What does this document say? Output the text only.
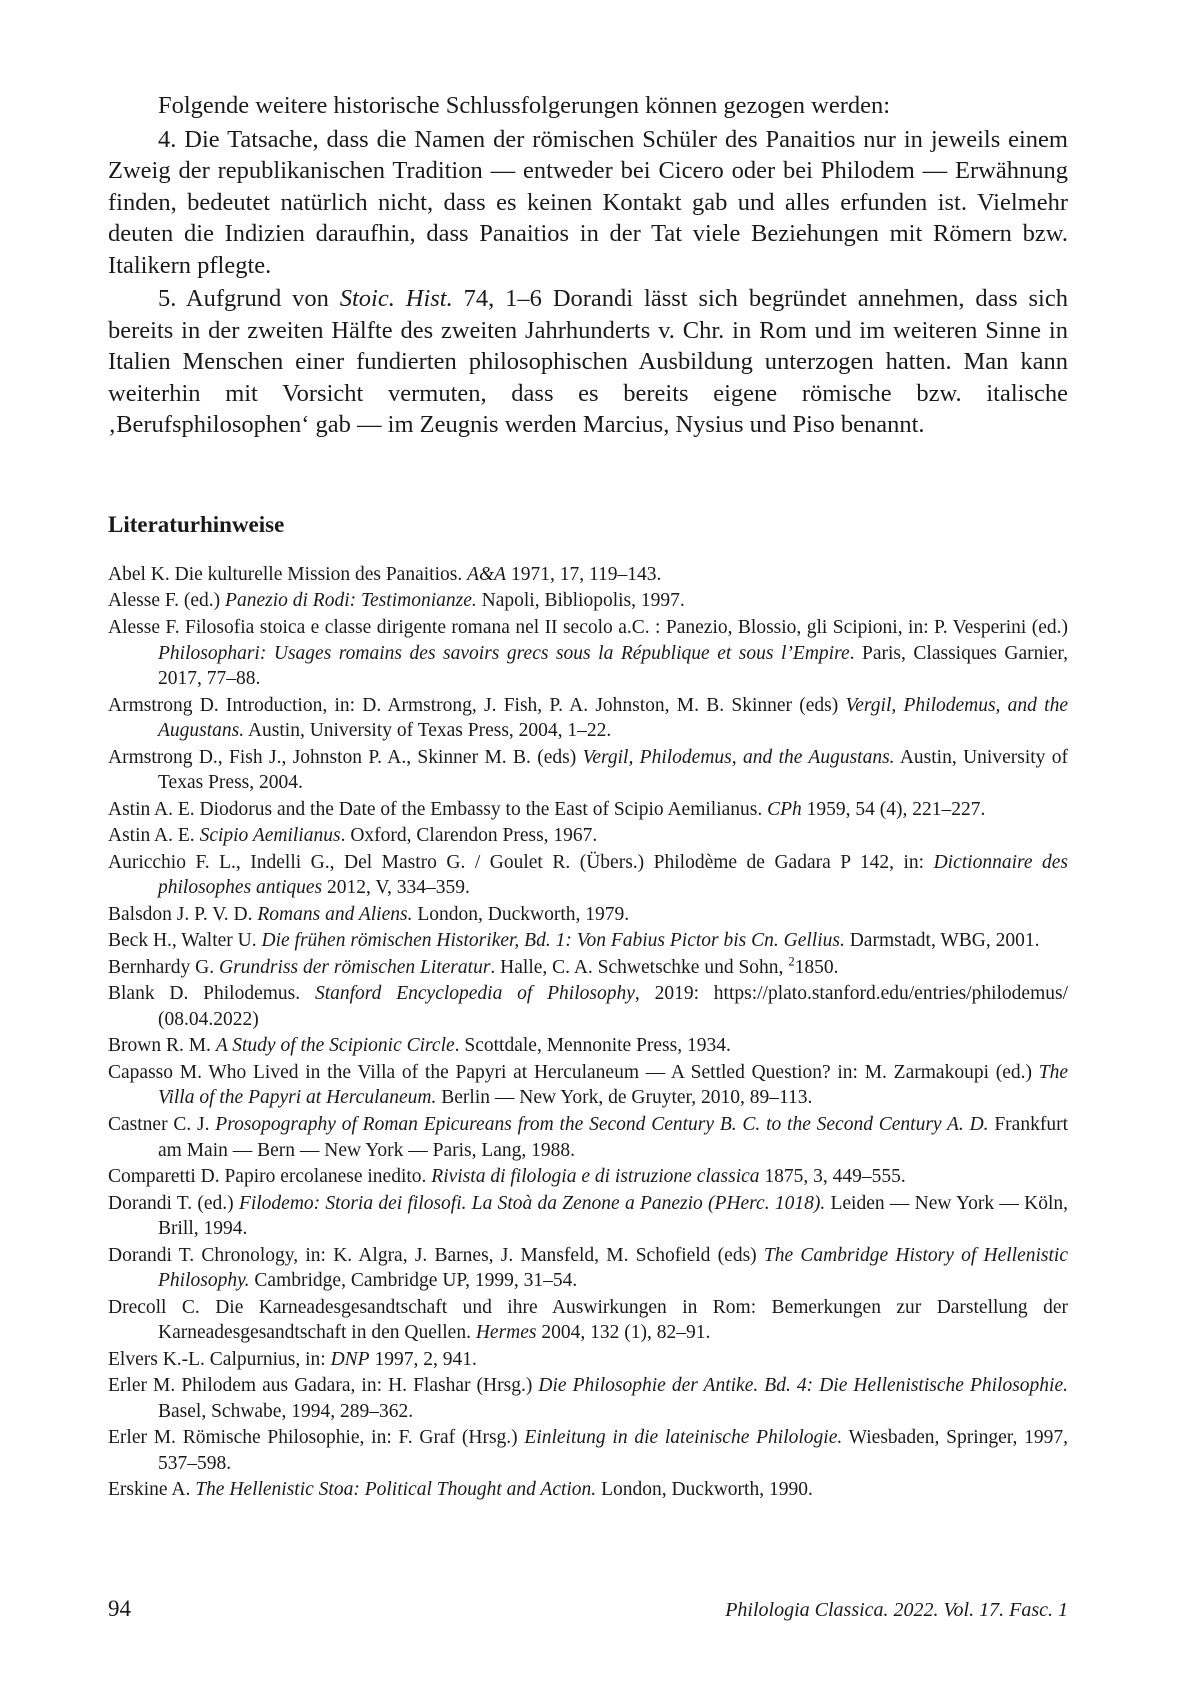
Folgende weitere historische Schlussfolgerungen können gezogen werden:

4. Die Tatsache, dass die Namen der römischen Schüler des Panaitios nur in jeweils einem Zweig der republikanischen Tradition — entweder bei Cicero oder bei Philodem — Erwähnung finden, bedeutet natürlich nicht, dass es keinen Kontakt gab und alles erfunden ist. Vielmehr deuten die Indizien daraufhin, dass Panaitios in der Tat viele Beziehungen mit Römern bzw. Italikern pflegte.

5. Aufgrund von Stoic. Hist. 74, 1–6 Dorandi lässt sich begründet annehmen, dass sich bereits in der zweiten Hälfte des zweiten Jahrhunderts v. Chr. in Rom und im weiteren Sinne in Italien Menschen einer fundierten philosophischen Ausbildung unterzogen hatten. Man kann weiterhin mit Vorsicht vermuten, dass es bereits eigene römische bzw. italische ‚Berufsphilosophen‘ gab — im Zeugnis werden Marcius, Nysius und Piso benannt.

Literaturhinweise

Abel K. Die kulturelle Mission des Panaitios. A&A 1971, 17, 119–143.

Alesse F. (ed.) Panezio di Rodi: Testimonianze. Napoli, Bibliopolis, 1997.

Alesse F. Filosofia stoica e classe dirigente romana nel II secolo a.C. : Panezio, Blossio, gli Scipioni, in: P. Vesperini (ed.) Philosophari: Usages romains des savoirs grecs sous la République et sous l’Empire. Paris, Classiques Garnier, 2017, 77–88.

Armstrong D. Introduction, in: D. Armstrong, J. Fish, P. A. Johnston, M. B. Skinner (eds) Vergil, Philodemus, and the Augustans. Austin, University of Texas Press, 2004, 1–22.

Armstrong D., Fish J., Johnston P. A., Skinner M. B. (eds) Vergil, Philodemus, and the Augustans. Austin, University of Texas Press, 2004.

Astin A. E. Diodorus and the Date of the Embassy to the East of Scipio Aemilianus. CPh 1959, 54 (4), 221–227.

Astin A. E. Scipio Aemilianus. Oxford, Clarendon Press, 1967.

Auricchio F. L., Indelli G., Del Mastro G. / Goulet R. (Übers.) Philodème de Gadara P 142, in: Dictionnaire des philosophes antiques 2012, V, 334–359.

Balsdon J. P. V. D. Romans and Aliens. London, Duckworth, 1979.

Beck H., Walter U. Die frühen römischen Historiker, Bd. 1: Von Fabius Pictor bis Cn. Gellius. Darmstadt, WBG, 2001.

Bernhardy G. Grundriss der römischen Literatur. Halle, C. A. Schwetschke und Sohn, $^2$1850.

Blank D. Philodemus. Stanford Encyclopedia of Philosophy, 2019: https://plato.stanford.edu/entries/philodemus/ (08.04.2022)

Brown R. M. A Study of the Scipionic Circle. Scottdale, Mennonite Press, 1934.

Capasso M. Who Lived in the Villa of the Papyri at Herculaneum — A Settled Question? in: M. Zarmakoupi (ed.) The Villa of the Papyri at Herculaneum. Berlin — New York, de Gruyter, 2010, 89–113.

Castner C. J. Prosopography of Roman Epicureans from the Second Century B. C. to the Second Century A. D. Frankfurt am Main — Bern — New York — Paris, Lang, 1988.

Comparetti D. Papiro ercolanese inedito. Rivista di filologia e di istruzione classica 1875, 3, 449–555.

Dorandi T. (ed.) Filodemo: Storia dei filosofi. La Stoà da Zenone a Panezio (PHerc. 1018). Leiden — New York — Köln, Brill, 1994.

Dorandi T. Chronology, in: K. Algra, J. Barnes, J. Mansfeld, M. Schofield (eds) The Cambridge History of Hellenistic Philosophy. Cambridge, Cambridge UP, 1999, 31–54.

Drecoll C. Die Karneadesgesandtschaft und ihre Auswirkungen in Rom: Bemerkungen zur Darstellung der Karneadesgesandtschaft in den Quellen. Hermes 2004, 132 (1), 82–91.

Elvers K.-L. Calpurnius, in: DNP 1997, 2, 941.

Erler M. Philodem aus Gadara, in: H. Flashar (Hrsg.) Die Philosophie der Antike. Bd. 4: Die Hellenistische Philosophie. Basel, Schwabe, 1994, 289–362.

Erler M. Römische Philosophie, in: F. Graf (Hrsg.) Einleitung in die lateinische Philologie. Wiesbaden, Springer, 1997, 537–598.

Erskine A. The Hellenistic Stoa: Political Thought and Action. London, Duckworth, 1990.

94	Philologia Classica. 2022. Vol. 17. Fasc. 1
